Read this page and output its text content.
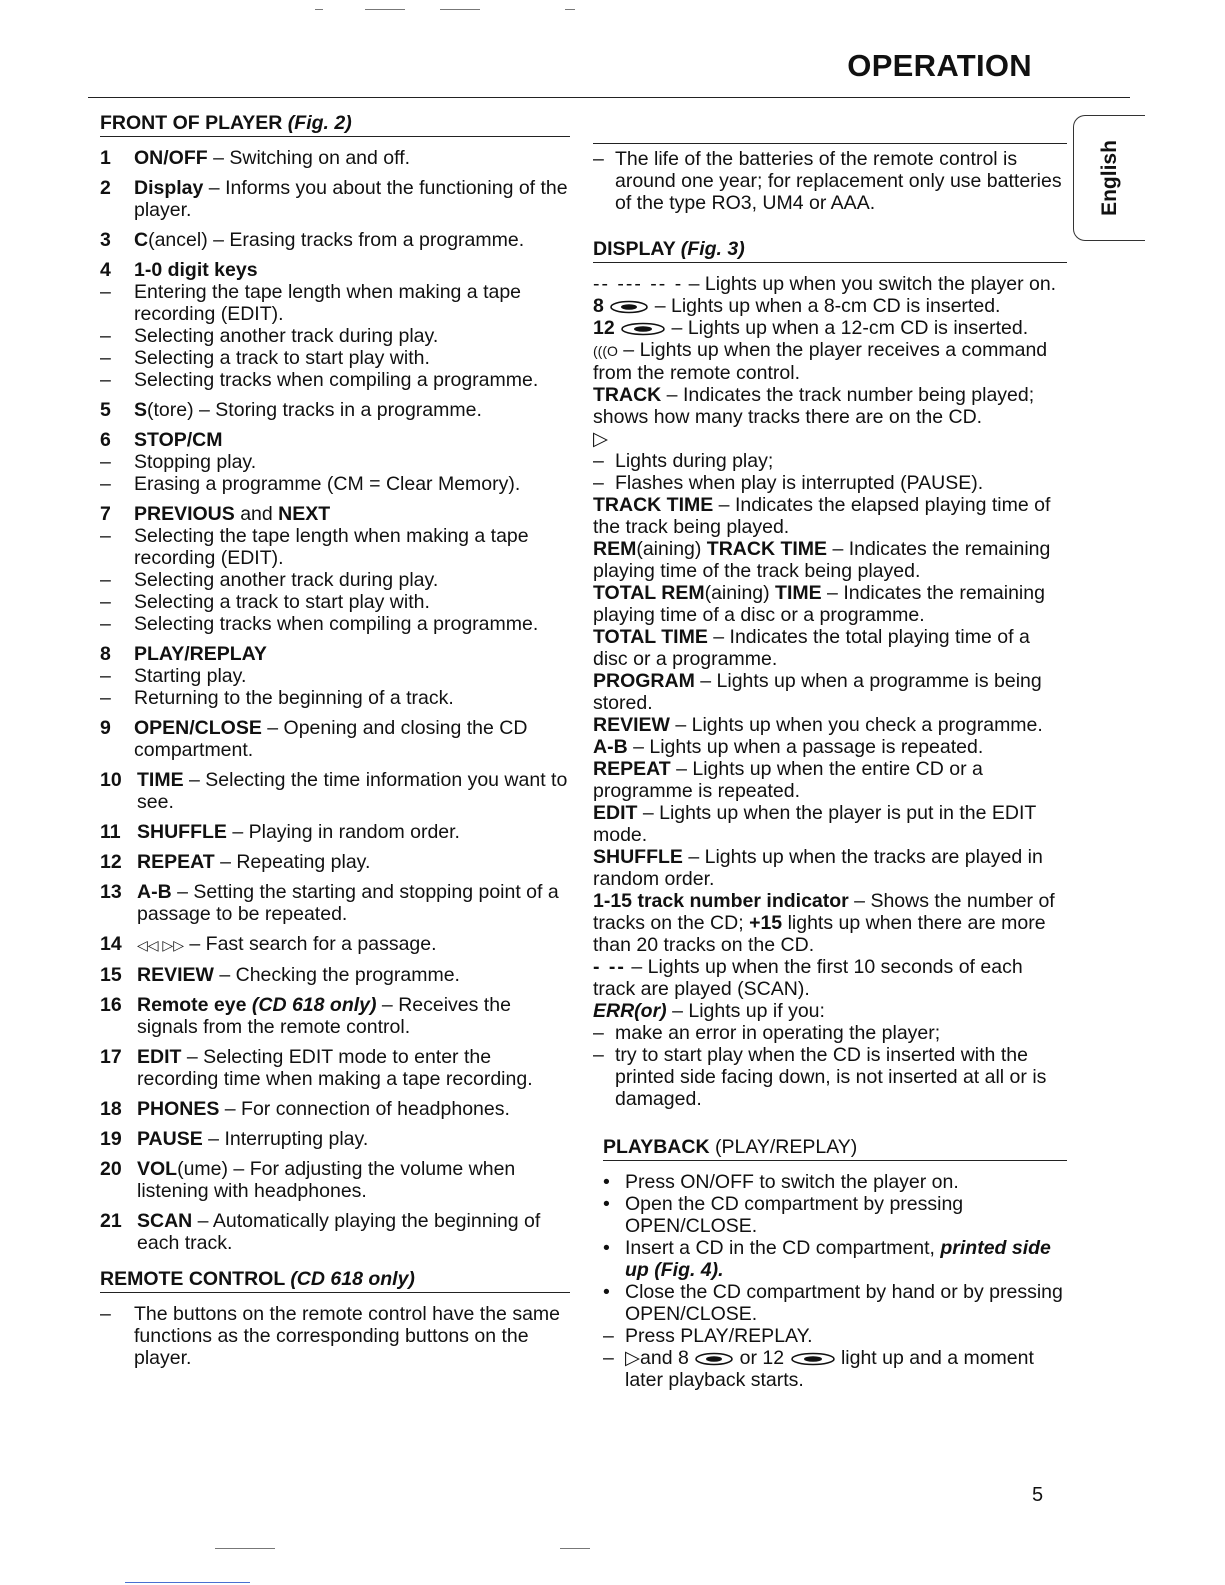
OPERATION
English
FRONT OF PLAYER (Fig. 2)
1	ON/OFF – Switching on and off.
2	Display – Informs you about the functioning of the player.
3	C(ancel) – Erasing tracks from a programme.
4	1-0 digit keys
–	Entering the tape length when making a tape recording (EDIT).
–	Selecting another track during play.
–	Selecting a track to start play with.
–	Selecting tracks when compiling a programme.
5	S(tore) – Storing tracks in a programme.
6	STOP/CM
–	Stopping play.
–	Erasing a programme (CM = Clear Memory).
7	PREVIOUS and NEXT
–	Selecting the tape length when making a tape recording (EDIT).
–	Selecting another track during play.
–	Selecting a track to start play with.
–	Selecting tracks when compiling a programme.
8	PLAY/REPLAY
–	Starting play.
–	Returning to the beginning of a track.
9	OPEN/CLOSE – Opening and closing the CD compartment.
10 TIME – Selecting the time information you want to see.
11 SHUFFLE – Playing in random order.
12 REPEAT – Repeating play.
13 A-B – Setting the starting and stopping point of a passage to be repeated.
14	◁◁ ▷▷ – Fast search for a passage.
15 REVIEW – Checking the programme.
16 Remote eye (CD 618 only) – Receives the signals from the remote control.
17 EDIT – Selecting EDIT mode to enter the recording time when making a tape recording.
18 PHONES – For connection of headphones.
19 PAUSE – Interrupting play.
20 VOL(ume) – For adjusting the volume when listening with headphones.
21 SCAN – Automatically playing the beginning of each track.
REMOTE CONTROL (CD 618 only)
–	The buttons on the remote control have the same functions as the corresponding buttons on the player.
– The life of the batteries of the remote control is around one year; for replacement only use batteries of the type RO3, UM4 or AAA.
DISPLAY (Fig. 3)

-- --- -- - – Lights up when you switch the player on.

8  – Lights up when a 8-cm CD is inserted.

12	– Lights up when a 12-cm CD is inserted.

(((O – Lights up when the player receives a command from the remote control.

TRACK – Indicates the track number being played; shows how many tracks there are on the CD.

▷

– Lights during play;
– Flashes when play is interrupted (PAUSE).

TRACK TIME – Indicates the elapsed playing time of the track being played.

REM(aining) TRACK TIME – Indicates the remaining playing time of the track being played.

TOTAL REM(aining) TIME – Indicates the remaining playing time of a disc or a programme.

TOTAL TIME – Indicates the total playing time of a disc or a programme.

PROGRAM – Lights up when a programme is being stored.

REVIEW – Lights up when you check a programme.

A-B – Lights up when a passage is repeated.

REPEAT – Lights up when the entire CD or a programme is repeated.

EDIT – Lights up when the player is put in the EDIT mode.

SHUFFLE – Lights up when the tracks are played in random order.

1-15 track number indicator – Shows the number of tracks on the CD; +15 lights up when there are more than 20 tracks on the CD.

- -- – Lights up when the first 10 seconds of each track are played (SCAN).

ERR(or) – Lights up if you:

– make an error in operating the player;
– try to start play when the CD is inserted with the printed side facing down, is not inserted at all or is damaged.
PLAYBACK (PLAY/REPLAY)
• Press ON/OFF to switch the player on.
• Open the CD compartment by pressing OPEN/CLOSE.
• Insert a CD in the CD compartment, printed side up (Fig. 4).
• Close the CD compartment by hand or by pressing OPEN/CLOSE.
– Press PLAY/REPLAY.
– ▷and 8	or 12	light up and a moment later playback starts.
5
